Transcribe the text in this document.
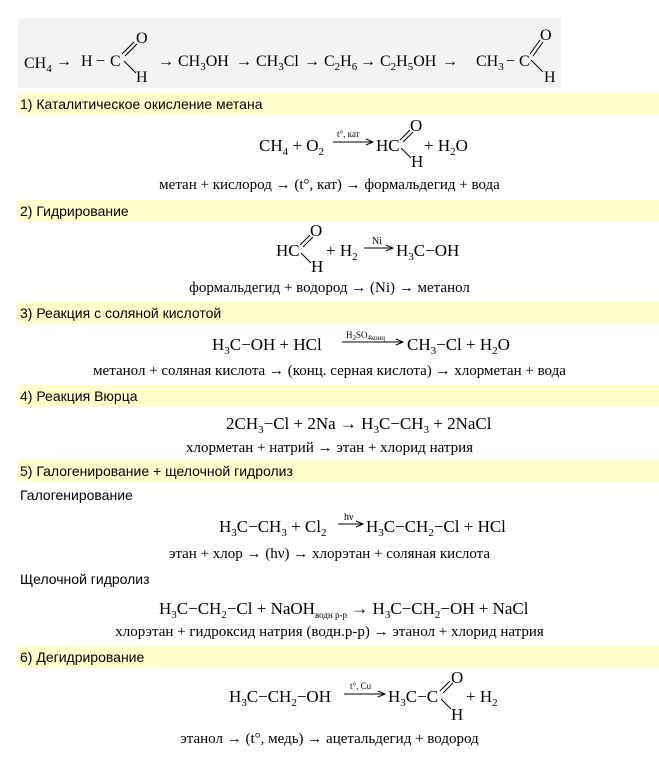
$CH_4 \to H - C$
O
H
→ $CH_3OH \to CH_3Cl \to C_2H_6 \to C_2H_5OH \to CH_3 - C$
O
H
1) Каталитическое окисление метана
$CH_4 + O_2$
t°, кат
HC
O
H
+ $H_2O$
метан + кислород → (t°, кат) → формальдегид + вода
2) Гидрирование
HC
O
H
+ $H_2$
Ni $H_3C-OH$
формальдегид + водород → (Ni) → метанол
3) Реакция с соляной кислотой
$H_3C-OH$ + HCl	$H_2SO_{4конц}$ $CH_3-Cl + H_2O$
метанол + соляная кислота → (конц. серная кислота) → хлорметан + вода
4) Реакция Вюрца
$2CH_3-Cl + 2Na \to H_3C-CH_3$ + 2NaCl
хлорметан + натрий → этан + хлорид натрия
5) Галогенирование + щелочной гидролиз
Галогенирование
$H_3C-CH_3 + Cl_2$
hν $H_3C-CH_2-Cl$ + HCl
этан + хлор → (hν) → хлорэтан + соляная кислота
Щелочной гидролиз
$H_3C-CH_2-Cl$ + NaOH$_{водн р-р}$ → $H_3C-CH_2-OH$ + NaCl
хлорэтан + гидроксид натрия (водн.р-р) → этанол + хлорид натрия
6) Дегидрирование
$H_3C-CH_2-OH$
t°, Cu
$H_3C-C$
O
H
+ $H_2$
этанол → (t°, медь) → ацетальдегид + водород
